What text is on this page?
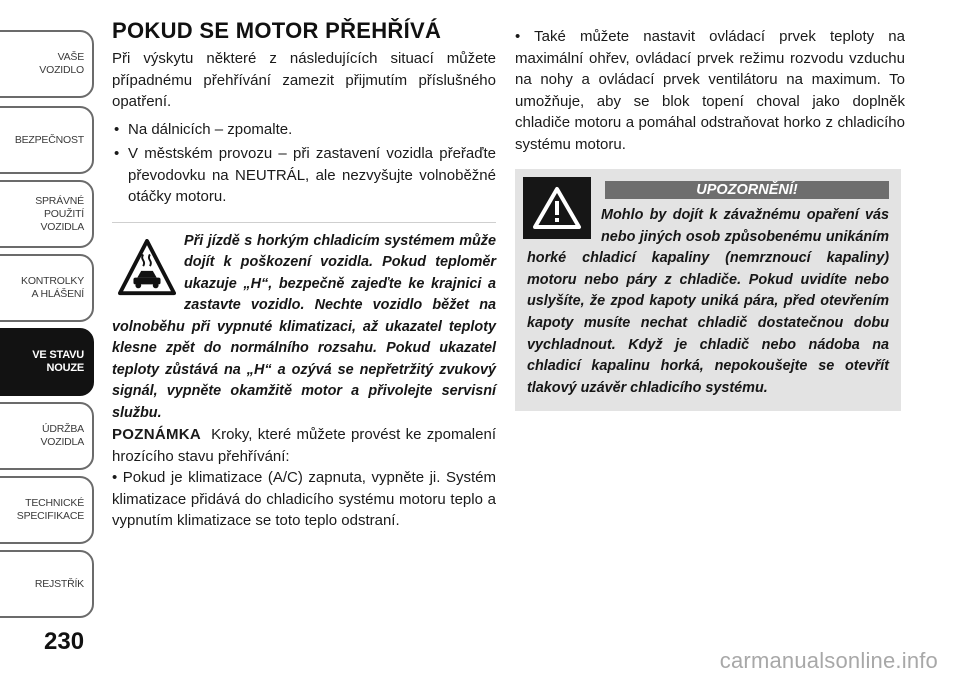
VAŠE
VOZIDLO
BEZPEČNOST
SPRÁVNÉ
POUŽITÍ
VOZIDLA
KONTROLKY
A HLÁŠENÍ
VE STAVU
NOUZE
ÚDRŽBA
VOZIDLA
TECHNICKÉ
SPECIFIKACE
REJSTŘÍK
230
POKUD SE MOTOR PŘEHŘÍVÁ

Při výskytu některé z následujících situací můžete případnému přehřívání zamezit přijmutím příslušného opatření.

• Na dálnicích – zpomalte.
• V městském provozu – při zastavení vozidla přeřaďte převodovku na NEUTRÁL, ale nezvyšujte volnoběžné otáčky motoru.

Při jízdě s horkým chladicím systémem může dojít k poškození vozidla. Pokud teploměr ukazuje „H“, bezpečně zajeďte ke krajnici a zastavte vozidlo. Nechte vozidlo běžet na volnoběhu při vypnuté klimatizaci, až ukazatel teploty klesne zpět do normálního rozsahu. Pokud ukazatel teploty zůstává na „H“ a ozývá se nepřetržitý zvukový signál, vypněte okamžitě motor a přivolejte servisní službu.

POZNÁMKA Kroky, které můžete provést ke zpomalení hrozícího stavu přehřívání:

• Pokud je klimatizace (A/C) zapnuta, vypněte ji. Systém klimatizace přidává do chladicího systému motoru teplo a vypnutím klimatizace se toto teplo odstraní.

• Také můžete nastavit ovládací prvek teploty na maximální ohřev, ovládací prvek režimu rozvodu vzduchu na nohy a ovládací prvek ventilátoru na maximum. To umožňuje, aby se blok topení choval jako doplněk chladiče motoru a pomáhal odstraňovat horko z chladicího systému motoru.

UPOZORNĚNÍ!

Mohlo by dojít k závažnému opaření vás nebo jiných osob způsobenému unikáním horké chladicí kapaliny (nemrznoucí kapaliny) motoru nebo páry z chladiče. Pokud uvidíte nebo uslyšíte, že zpod kapoty uniká pára, před otevřením kapoty musíte nechat chladič dostatečnou dobu vychladnout. Když je chladič nebo nádoba na chladicí kapalinu horká, nepokoušejte se otevřít tlakový uzávěr chladicího systému.

carmanualsonline.info
